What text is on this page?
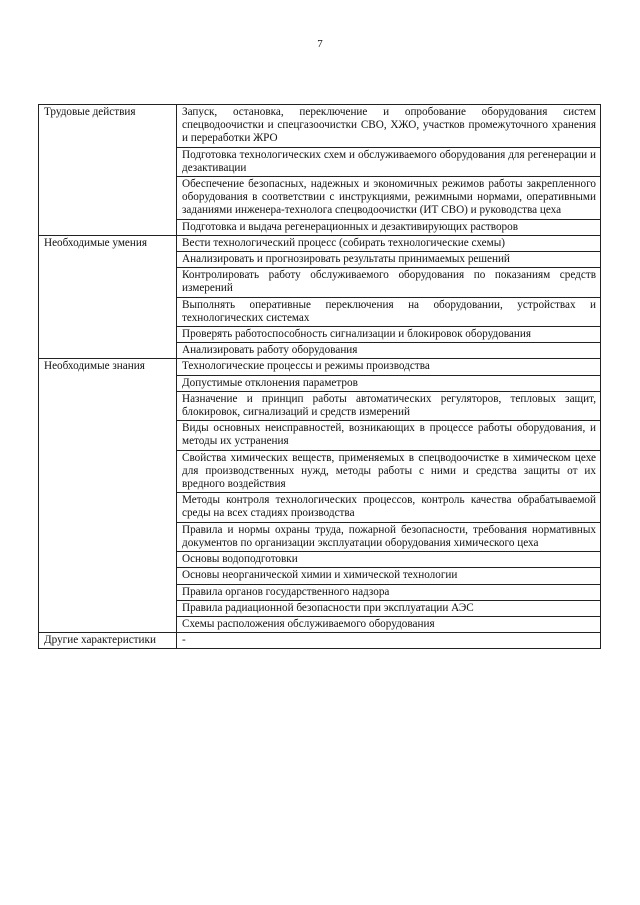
7
Трудовые действия	Запуск, остановка, переключение и опробование оборудования систем спецводоочистки и спецгазоочистки СВО, ХЖО, участков промежуточного хранения и переработки ЖРО
	Подготовка технологических схем и обслуживаемого оборудования для регенерации и дезактивации
	Обеспечение безопасных, надежных и экономичных режимов работы закрепленного оборудования в соответствии с инструкциями, режимными нормами, оперативными заданиями инженера-технолога спецводоочистки (ИТ СВО) и руководства цеха
	Подготовка и выдача регенерационных и дезактивирующих растворов
Необходимые умения	Вести технологический процесс (собирать технологические схемы)
	Анализировать и прогнозировать результаты принимаемых решений
	Контролировать работу обслуживаемого оборудования по показаниям средств измерений
	Выполнять оперативные переключения на оборудовании, устройствах и технологических системах
	Проверять работоспособность сигнализации и блокировок оборудования
	Анализировать работу оборудования
Необходимые знания	Технологические процессы и режимы производства
	Допустимые отклонения параметров
	Назначение и принцип работы автоматических регуляторов, тепловых защит, блокировок, сигнализаций и средств измерений
	Виды основных неисправностей, возникающих в процессе работы оборудования, и методы их устранения
	Свойства химических веществ, применяемых в спецводоочистке в химическом цехе для производственных нужд, методы работы с ними и средства защиты от их вредного воздействия
	Методы контроля технологических процессов, контроль качества обрабатываемой среды на всех стадиях производства
	Правила и нормы охраны труда, пожарной безопасности, требования нормативных документов по организации эксплуатации оборудования химического цеха
	Основы водоподготовки
	Основы неорганической химии и химической технологии
	Правила органов государственного надзора
	Правила радиационной безопасности при эксплуатации АЭС
	Схемы расположения обслуживаемого оборудования
Другие характеристики	-
